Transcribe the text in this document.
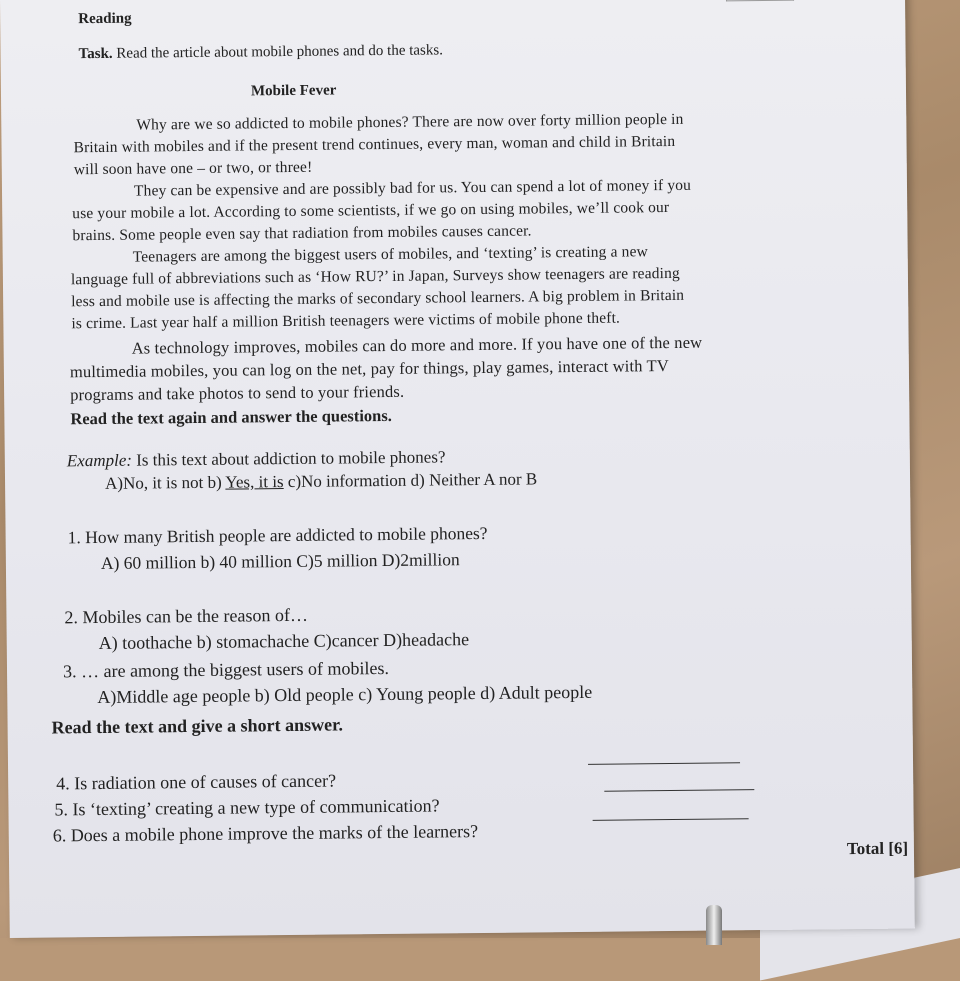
Reading
Task. Read the article about mobile phones and do the tasks.
Mobile Fever
Why are we so addicted to mobile phones? There are now over forty million people in
Britain with mobiles and if the present trend continues, every man, woman and child in Britain
will soon have one – or two, or three!
They can be expensive and are possibly bad for us. You can spend a lot of money if you
use your mobile a lot. According to some scientists, if we go on using mobiles, we’ll cook our
brains. Some people even say that radiation from mobiles causes cancer.
Teenagers are among the biggest users of mobiles, and ‘texting’ is creating a new
language full of abbreviations such as ‘How RU?’ in Japan, Surveys show teenagers are reading
less and mobile use is affecting the marks of secondary school learners. A big problem in Britain
is crime. Last year half a million British teenagers were victims of mobile phone theft.
As technology improves, mobiles can do more and more. If you have one of the new
multimedia mobiles, you can log on the net, pay for things, play games, interact with TV
programs and take photos to send to your friends.
Read the text again and answer the questions.
Example: Is this text about addiction to mobile phones?
A)No, it is not b) Yes, it is c)No information d) Neither A nor B
1. How many British people are addicted to mobile phones?
A) 60 million b) 40 million C)5 million D)2million
2. Mobiles can be the reason of…
A) toothache b) stomachache C)cancer D)headache
3. … are among the biggest users of mobiles.
A)Middle age people b) Old people c) Young people d) Adult people
Read the text and give a short answer.
4. Is radiation one of causes of cancer?
5. Is ‘texting’ creating a new type of communication?
6. Does a mobile phone improve the marks of the learners?
Total [6]
